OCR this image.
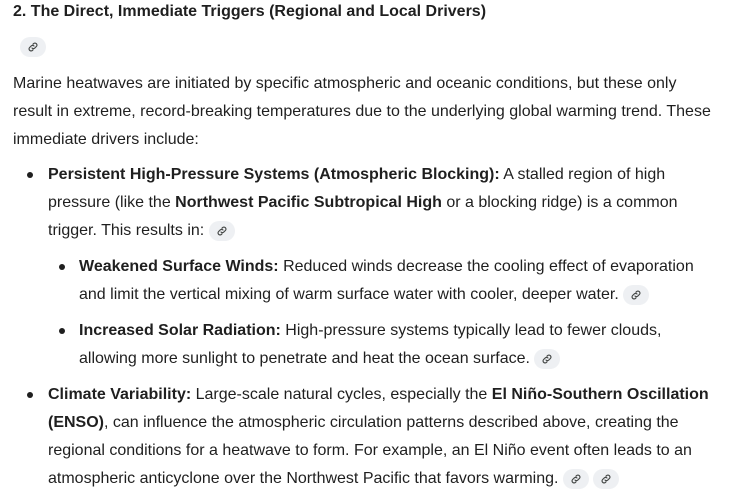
2. The Direct, Immediate Triggers (Regional and Local Drivers)

Marine heatwaves are initiated by specific atmospheric and oceanic conditions, but these only result in extreme, record-breaking temperatures due to the underlying global warming trend. These immediate drivers include:

Persistent High-Pressure Systems (Atmospheric Blocking): A stalled region of high pressure (like the Northwest Pacific Subtropical High or a blocking ridge) is a common trigger. This results in:

Weakened Surface Winds: Reduced winds decrease the cooling effect of evaporation and limit the vertical mixing of warm surface water with cooler, deeper water.

Increased Solar Radiation: High-pressure systems typically lead to fewer clouds, allowing more sunlight to penetrate and heat the ocean surface.

Climate Variability: Large-scale natural cycles, especially the El Niño-Southern Oscillation (ENSO), can influence the atmospheric circulation patterns described above, creating the regional conditions for a heatwave to form. For example, an El Niño event often leads to an atmospheric anticyclone over the Northwest Pacific that favors warming.
